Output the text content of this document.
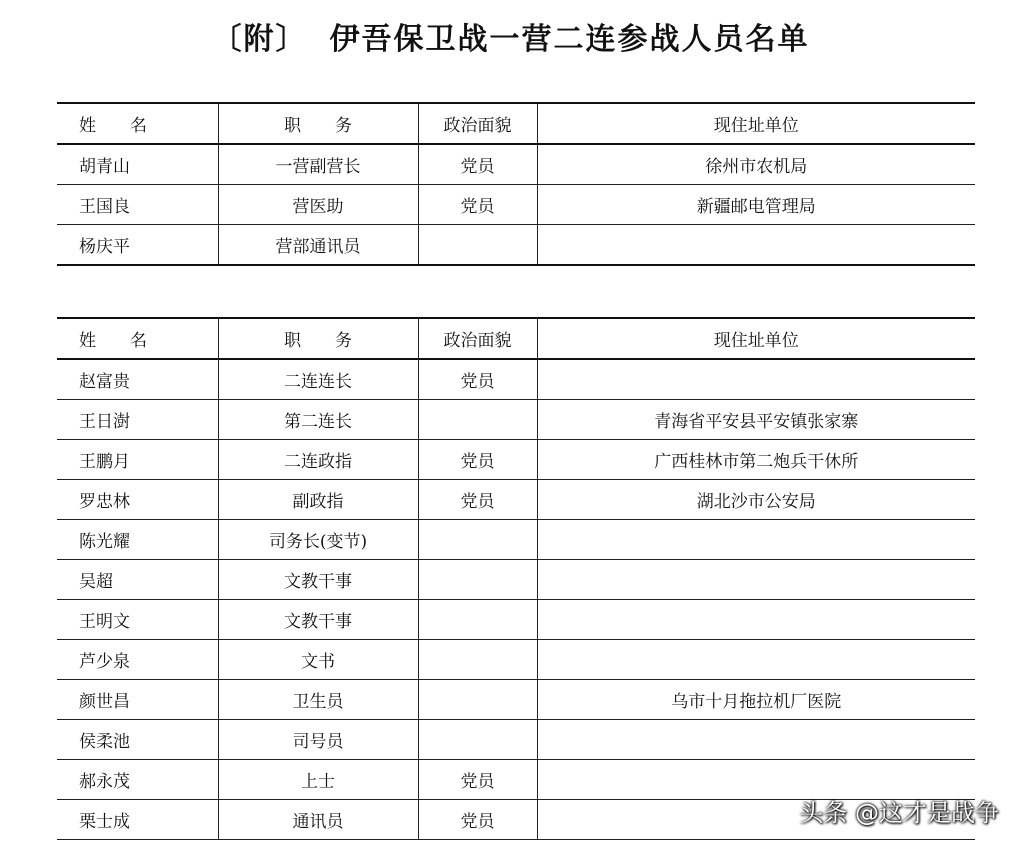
〔附〕 伊吾保卫战一营二连参战人员名单
姓　　名	职　　务	政治面貌	现住址单位
胡青山	一营副营长	党员	徐州市农机局
王国良	营医助	党员	新疆邮电管理局
杨庆平	营部通讯员		
姓　　名	职　　务	政治面貌	现住址单位
赵富贵	二连连长	党员	
王日澍	第二连长		青海省平安县平安镇张家寨
王鹏月	二连政指	党员	广西桂林市第二炮兵干休所
罗忠林	副政指	党员	湖北沙市公安局
陈光耀	司务长(变节)		
吴超	文教干事		
王明文	文教干事		
芦少泉	文书		
颜世昌	卫生员		乌市十月拖拉机厂医院
侯柔池	司号员		
郝永茂	上士	党员	
栗士成	通讯员	党员		头条 @这才是战争
